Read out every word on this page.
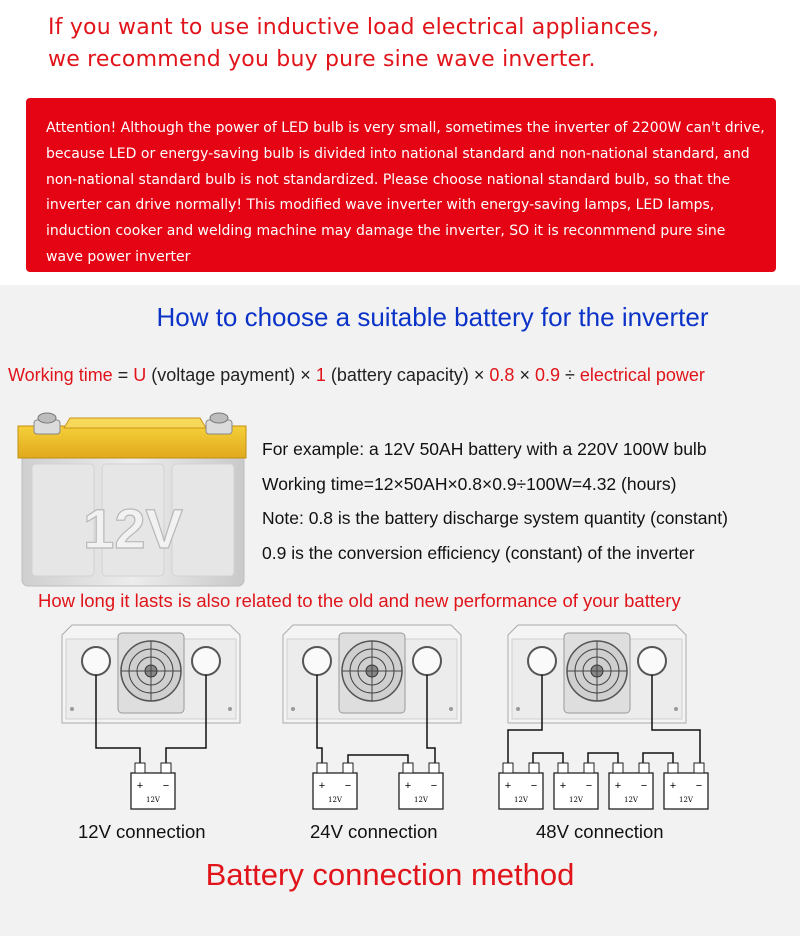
If you want to use inductive load electrical appliances,
we recommend you buy pure sine wave inverter.

Attention! Although the power of LED bulb is very small, sometimes the inverter of 2200W can't drive, because LED or energy-saving bulb is divided into national standard and non-national standard, and non-national standard bulb is not standardized. Please choose national standard bulb, so that the inverter can drive normally! This modified wave inverter with energy-saving lamps, LED lamps, induction cooker and welding machine may damage the inverter, SO it is reconmmend pure sine wave power inverter

How to choose a suitable battery for the inverter
Working time = U (voltage payment) × 1 (battery capacity) × 0.8 × 0.9 ÷ electrical power
12V
For example: a 12V 50AH battery with a 220V 100W bulb
Working time=12×50AH×0.8×0.9÷100W=4.32 (hours)
Note: 0.8 is the battery discharge system quantity (constant)
0.9 is the conversion efficiency (constant) of the inverter
How long it lasts is also related to the old and new performance of your battery
+ −
12V
+ −
12V
+ −
12V
+ −
12V
+ −
12V
+ −
12V
+ −
12V
12V connection	24V connection	48V connection
Battery connection method
